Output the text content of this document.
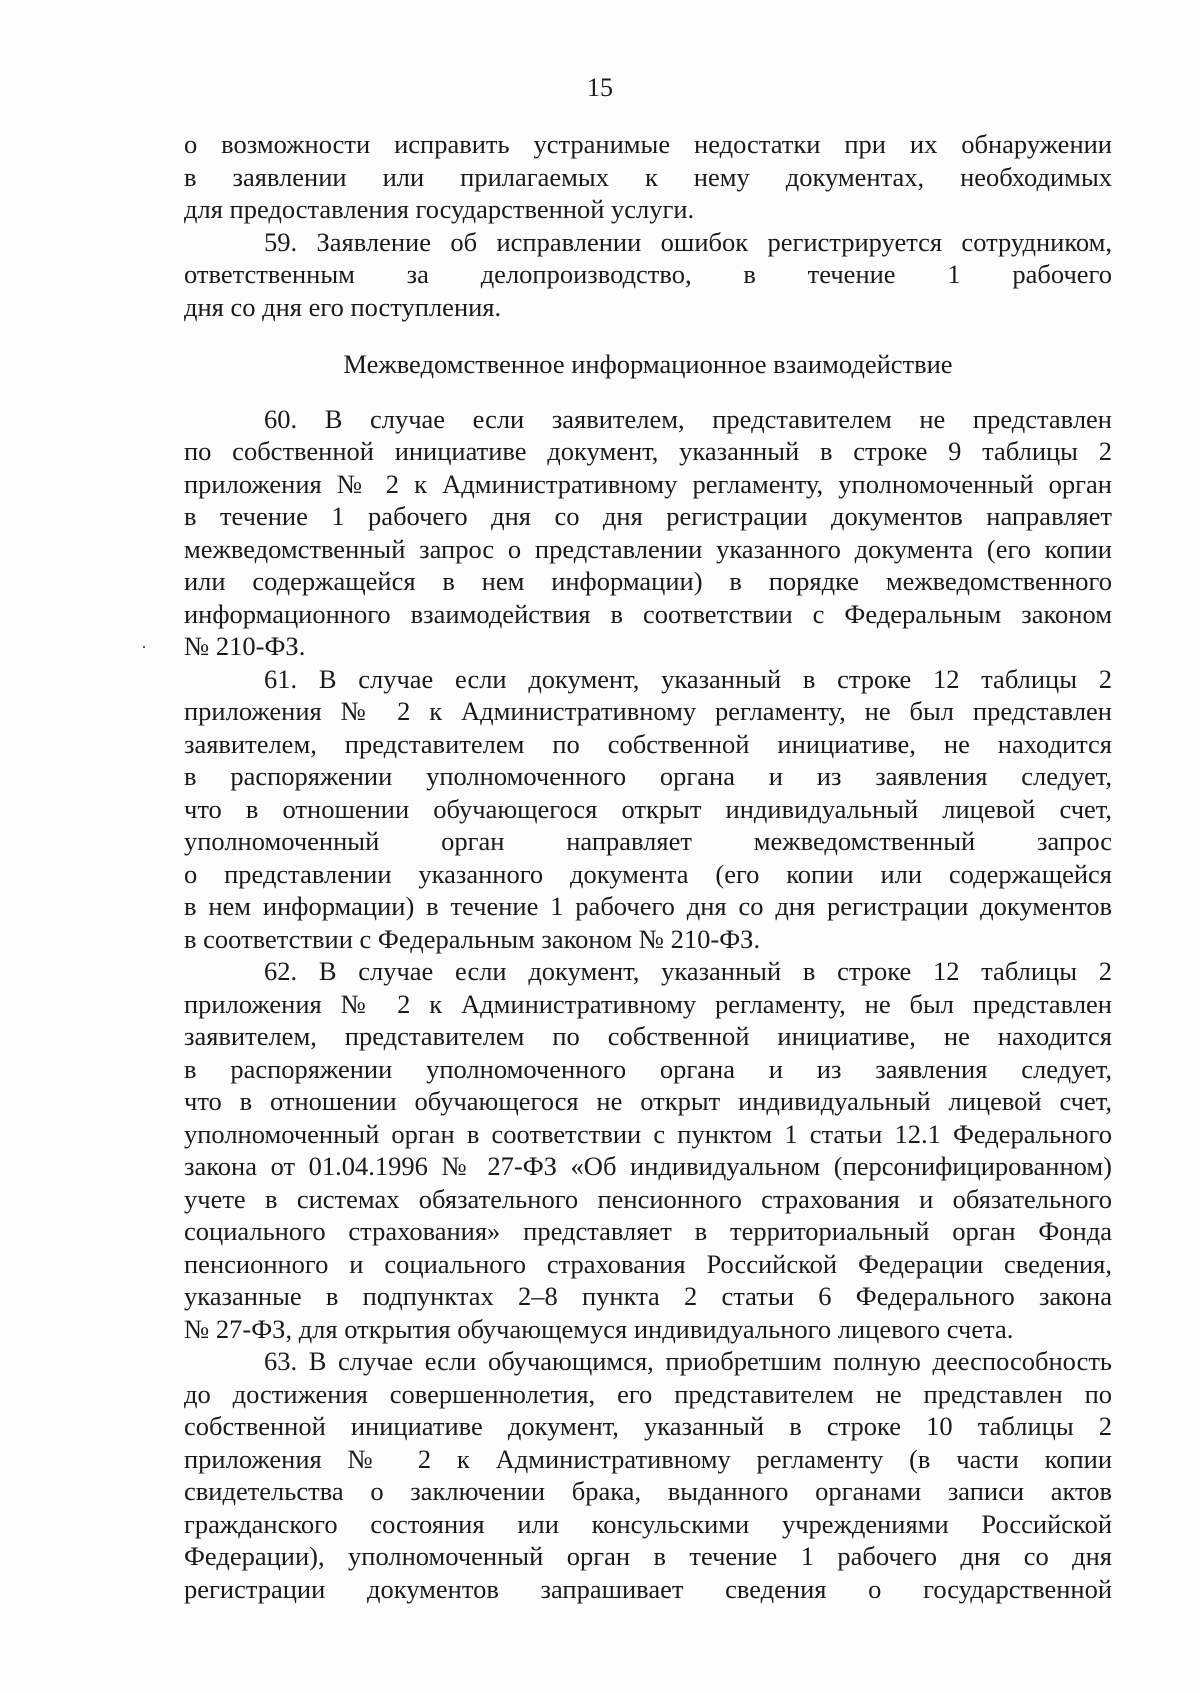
15
о возможности исправить устранимые недостатки при их обнаружении
в заявлении или прилагаемых к нему документах, необходимых
для предоставления государственной услуги.
59. Заявление об исправлении ошибок регистрируется сотрудником,
ответственным за делопроизводство, в течение 1 рабочего
дня со дня его поступления.
Межведомственное информационное взаимодействие
60. В случае если заявителем, представителем не представлен
по собственной инициативе документ, указанный в строке 9 таблицы 2
приложения № 2 к Административному регламенту, уполномоченный орган
в течение 1 рабочего дня со дня регистрации документов направляет
межведомственный запрос о представлении указанного документа (его копии
или содержащейся в нем информации) в порядке межведомственного
информационного взаимодействия в соответствии с Федеральным законом
№ 210-ФЗ.
61. В случае если документ, указанный в строке 12 таблицы 2
приложения № 2 к Административному регламенту, не был представлен
заявителем, представителем по собственной инициативе, не находится
в распоряжении уполномоченного органа и из заявления следует,
что в отношении обучающегося открыт индивидуальный лицевой счет,
уполномоченный орган направляет межведомственный запрос
о представлении указанного документа (его копии или содержащейся
в нем информации) в течение 1 рабочего дня со дня регистрации документов
в соответствии с Федеральным законом № 210-ФЗ.
62. В случае если документ, указанный в строке 12 таблицы 2
приложения № 2 к Административному регламенту, не был представлен
заявителем, представителем по собственной инициативе, не находится
в распоряжении уполномоченного органа и из заявления следует,
что в отношении обучающегося не открыт индивидуальный лицевой счет,
уполномоченный орган в соответствии с пунктом 1 статьи 12.1 Федерального
закона от 01.04.1996 № 27-ФЗ «Об индивидуальном (персонифицированном)
учете в системах обязательного пенсионного страхования и обязательного
социального страхования» представляет в территориальный орган Фонда
пенсионного и социального страхования Российской Федерации сведения,
указанные в подпунктах 2–8 пункта 2 статьи 6 Федерального закона
№ 27-ФЗ, для открытия обучающемуся индивидуального лицевого счета.
63. В случае если обучающимся, приобретшим полную дееспособность
до достижения совершеннолетия, его представителем не представлен по
собственной инициативе документ, указанный в строке 10 таблицы 2
приложения № 2 к Административному регламенту (в части копии
свидетельства о заключении брака, выданного органами записи актов
гражданского состояния или консульскими учреждениями Российской
Федерации), уполномоченный орган в течение 1 рабочего дня со дня
регистрации документов запрашивает сведения о государственной
